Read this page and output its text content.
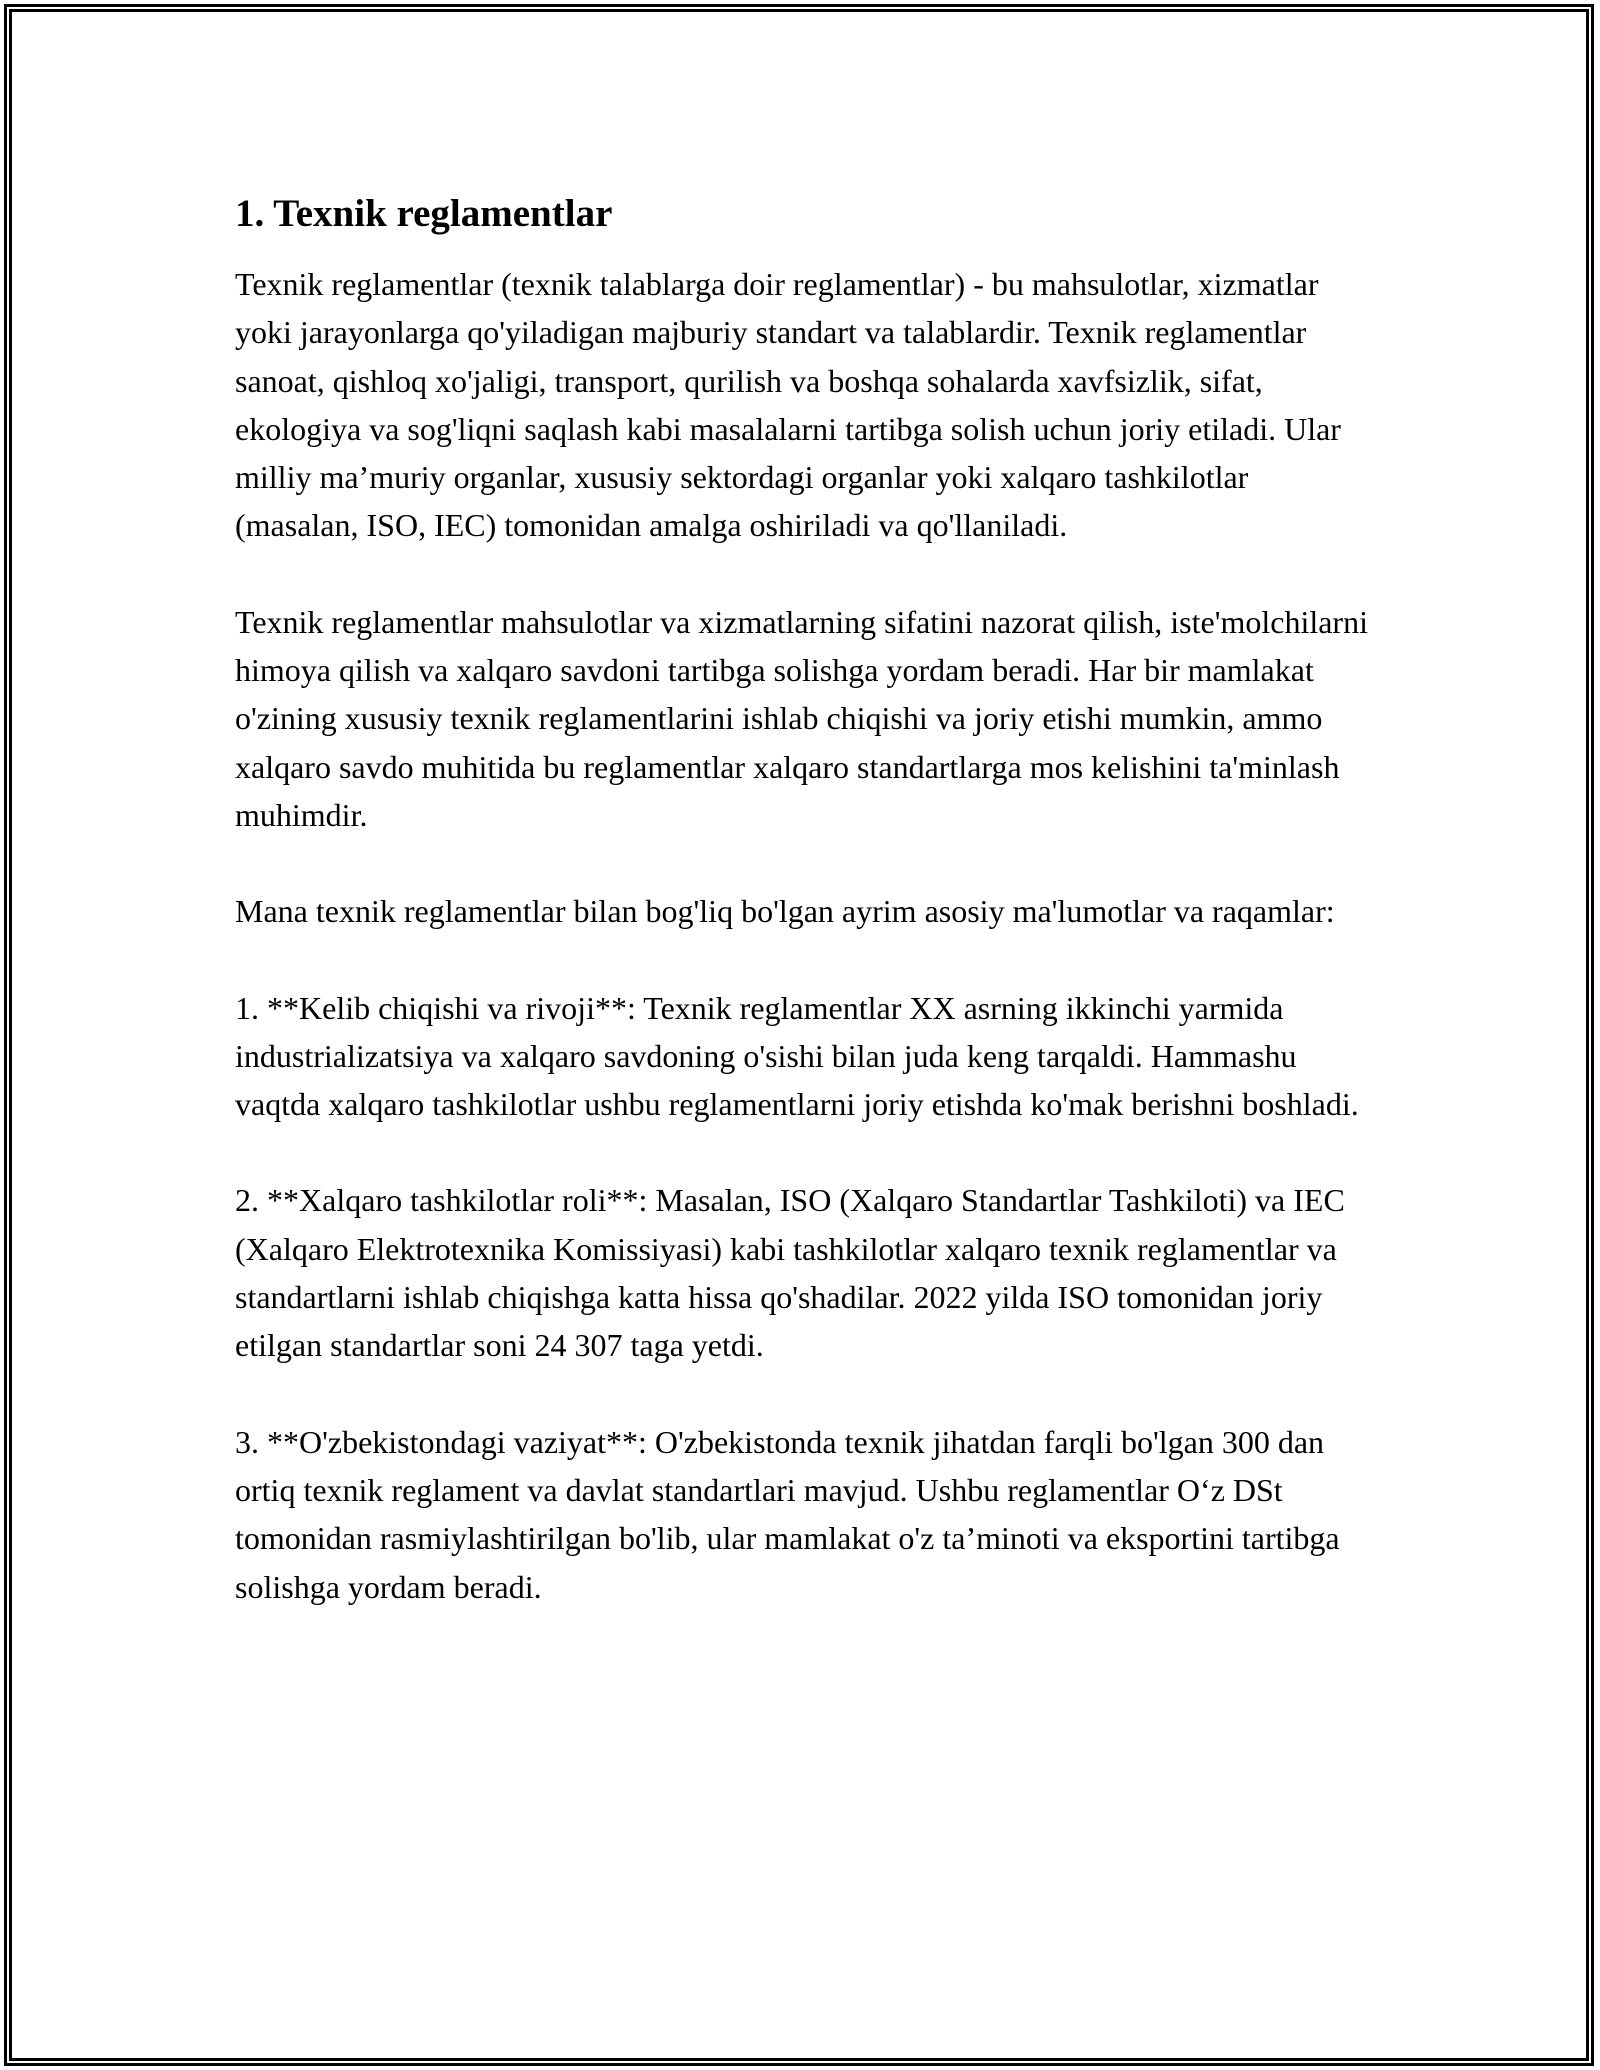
1. Texnik reglamentlar

Texnik reglamentlar (texnik talablarga doir reglamentlar) - bu mahsulotlar, xizmatlar yoki jarayonlarga qo'yiladigan majburiy standart va talablardir. Texnik reglamentlar sanoat, qishloq xo'jaligi, transport, qurilish va boshqa sohalarda xavfsizlik, sifat, ekologiya va sog'liqni saqlash kabi masalalarni tartibga solish uchun joriy etiladi. Ular milliy ma’muriy organlar, xususiy sektordagi organlar yoki xalqaro tashkilotlar (masalan, ISO, IEC) tomonidan amalga oshiriladi va qo'llaniladi.

Texnik reglamentlar mahsulotlar va xizmatlarning sifatini nazorat qilish, iste'molchilarni himoya qilish va xalqaro savdoni tartibga solishga yordam beradi. Har bir mamlakat o'zining xususiy texnik reglamentlarini ishlab chiqishi va joriy etishi mumkin, ammo xalqaro savdo muhitida bu reglamentlar xalqaro standartlarga mos kelishini ta'minlash muhimdir.

Mana texnik reglamentlar bilan bog'liq bo'lgan ayrim asosiy ma'lumotlar va raqamlar:

1. **Kelib chiqishi va rivoji**: Texnik reglamentlar XX asrning ikkinchi yarmida industrializatsiya va xalqaro savdoning o'sishi bilan juda keng tarqaldi. Hammashu vaqtda xalqaro tashkilotlar ushbu reglamentlarni joriy etishda ko'mak berishni boshladi.

2. **Xalqaro tashkilotlar roli**: Masalan, ISO (Xalqaro Standartlar Tashkiloti) va IEC (Xalqaro Elektrotexnika Komissiyasi) kabi tashkilotlar xalqaro texnik reglamentlar va standartlarni ishlab chiqishga katta hissa qo'shadilar. 2022 yilda ISO tomonidan joriy etilgan standartlar soni 24 307 taga yetdi.

3. **O'zbekistondagi vaziyat**: O'zbekistonda texnik jihatdan farqli bo'lgan 300 dan ortiq texnik reglament va davlat standartlari mavjud. Ushbu reglamentlar O‘z DSt tomonidan rasmiylashtirilgan bo'lib, ular mamlakat o'z ta’minoti va eksportini tartibga solishga yordam beradi.
